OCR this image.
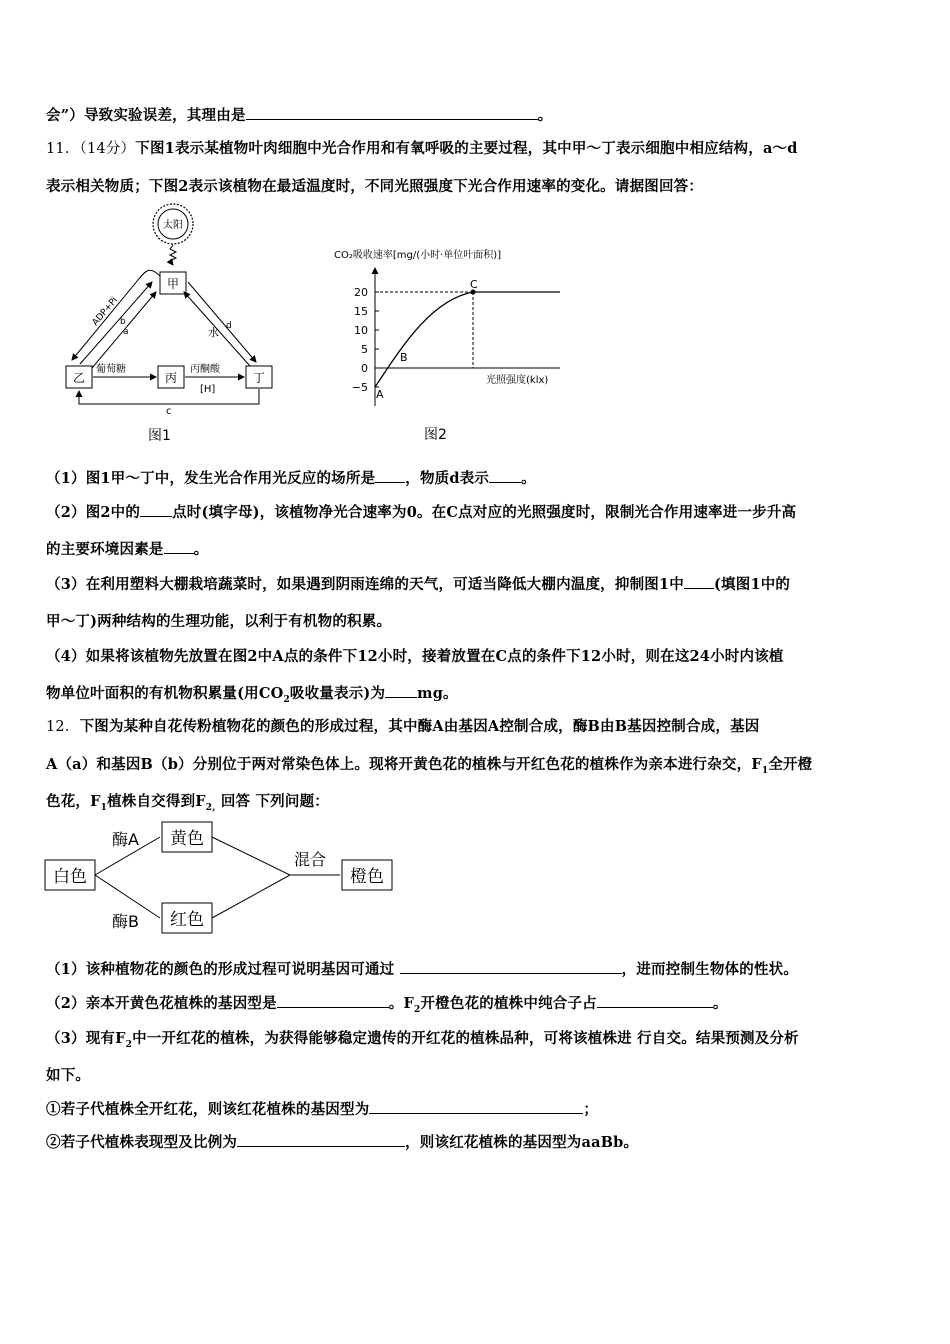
会”）导致实验误差，其理由是	。
11．（14分）下图1表示某植物叶肉细胞中光合作用和有氧呼吸的主要过程，其中甲～丁表示细胞中相应结构，a～d
表示相关物质；下图2表示该植物在最适温度时，不同光照强度下光合作用速率的变化。请据图回答：
太阳
甲
乙	丙	丁
ADP+Pi b
a	水 d
葡萄糖	丙酮酸
[H]
c
图1
CO₂吸收速率[mg/(小时·单位叶面积)]
20
15
10
5
0
−5
A
B
C
光照强度(klx)
图2
（1）图1甲～丁中，发生光合作用光反应的场所是 ，物质d表示 。
（2）图2中的 点时(填字母)，该植物净光合速率为0。在C点对应的光照强度时，限制光合作用速率进一步升高
的主要环境因素是 。
（3）在利用塑料大棚栽培蔬菜时，如果遇到阴雨连绵的天气，可适当降低大棚内温度，抑制图1中 (填图1中的
甲～丁)两种结构的生理功能，以利于有机物的积累。
（4）如果将该植物先放置在图2中A点的条件下12小时，接着放置在C点的条件下12小时，则在这24小时内该植
物单位叶面积的有机物积累量(用$CO_2$吸收量表示)为 mg。
12．下图为某种自花传粉植物花的颜色的形成过程，其中酶A由基因A控制合成，酶B由B基因控制合成，基因
A（a）和基因B（b）分别位于两对常染色体上。现将开黄色花的植株与开红色花的植株作为亲本进行杂交，$F_1$全开橙
色花，$F_1$植株自交得到$F_{2,}$ 回答 下列问题：
白色
黄色
红色
橙色
酶A
酶B
混合
（1）该种植物花的颜色的形成过程可说明基因可通过	，进而控制生物体的性状。
（2）亲本开黄色花植株的基因型是	。$F_2$开橙色花的植株中纯合子占	。
（3）现有$F_2$中一开红花的植株，为获得能够稳定遗传的开红花的植株品种，可将该植株进 行自交。结果预测及分析
如下。
①若子代植株全开红花，则该红花植株的基因型为	；
②若子代植株表现型及比例为	，则该红花植株的基因型为aaBb。
